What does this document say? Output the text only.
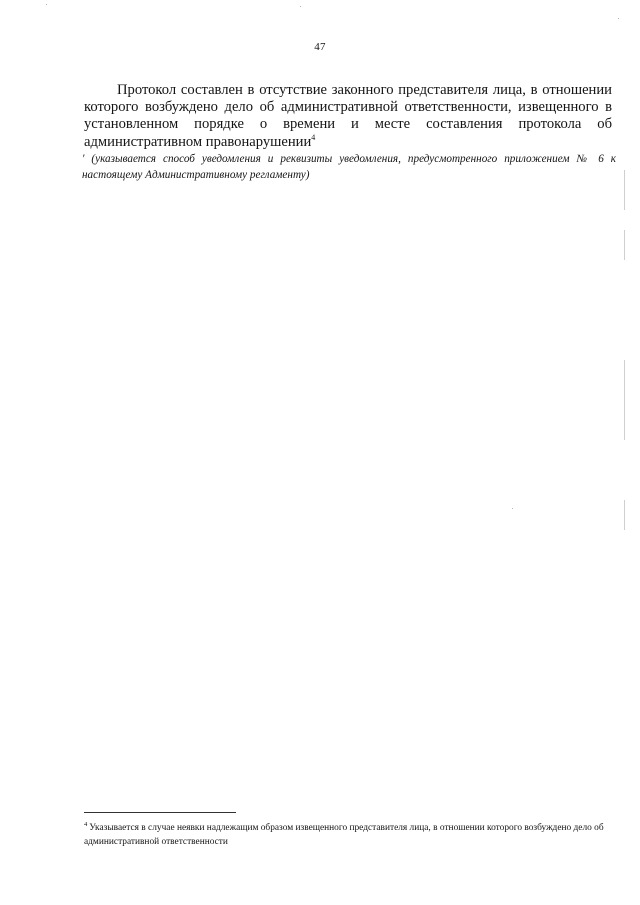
47

Протокол составлен в отсутствие законного представителя лица, в отношении которого возбуждено дело об административной ответственности, извещенного в установленном порядке о времени и месте составления протокола об административном правонарушении$^4$

' (указывается способ уведомления и реквизиты уведомления, предусмотренного приложением № 6 к настоящему Административному регламенту)

$^4$ Указывается в случае неявки надлежащим образом извещенного представителя лица, в отношении которого возбуждено дело об административной ответственности
